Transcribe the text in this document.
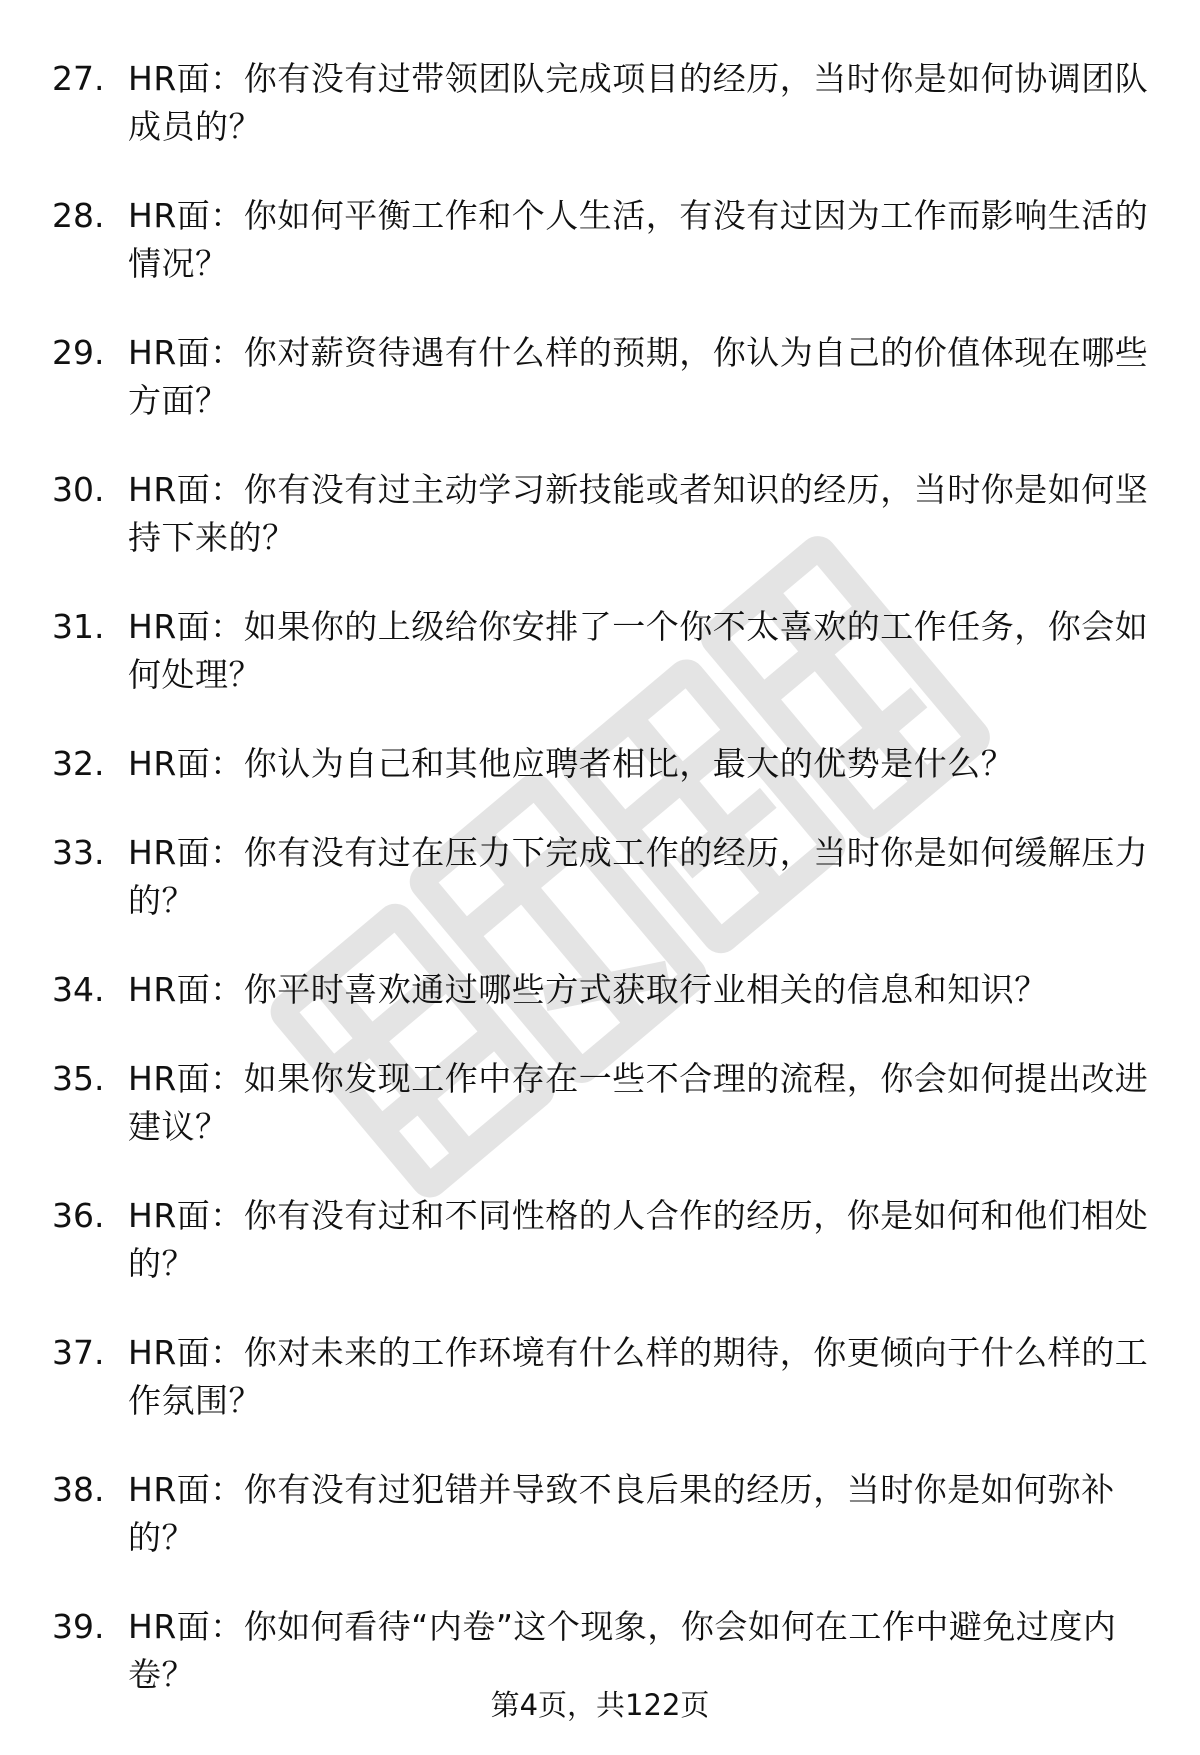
27. HR面：你有没有过带领团队完成项目的经历，当时你是如何协调团队成员的？
28. HR面：你如何平衡工作和个人生活，有没有过因为工作而影响生活的情况？
29. HR面：你对薪资待遇有什么样的预期，你认为自己的价值体现在哪些方面？
30. HR面：你有没有过主动学习新技能或者知识的经历，当时你是如何坚持下来的？
31. HR面：如果你的上级给你安排了一个你不太喜欢的工作任务，你会如何处理？
32. HR面：你认为自己和其他应聘者相比，最大的优势是什么？
33. HR面：你有没有过在压力下完成工作的经历，当时你是如何缓解压力的？
34. HR面：你平时喜欢通过哪些方式获取行业相关的信息和知识？
35. HR面：如果你发现工作中存在一些不合理的流程，你会如何提出改进建议？
36. HR面：你有没有过和不同性格的人合作的经历，你是如何和他们相处的？
37. HR面：你对未来的工作环境有什么样的期待，你更倾向于什么样的工作氛围？
38. HR面：你有没有过犯错并导致不良后果的经历，当时你是如何弥补的？
39. HR面：你如何看待“内卷”这个现象，你会如何在工作中避免过度内卷？
第4页，共122页
